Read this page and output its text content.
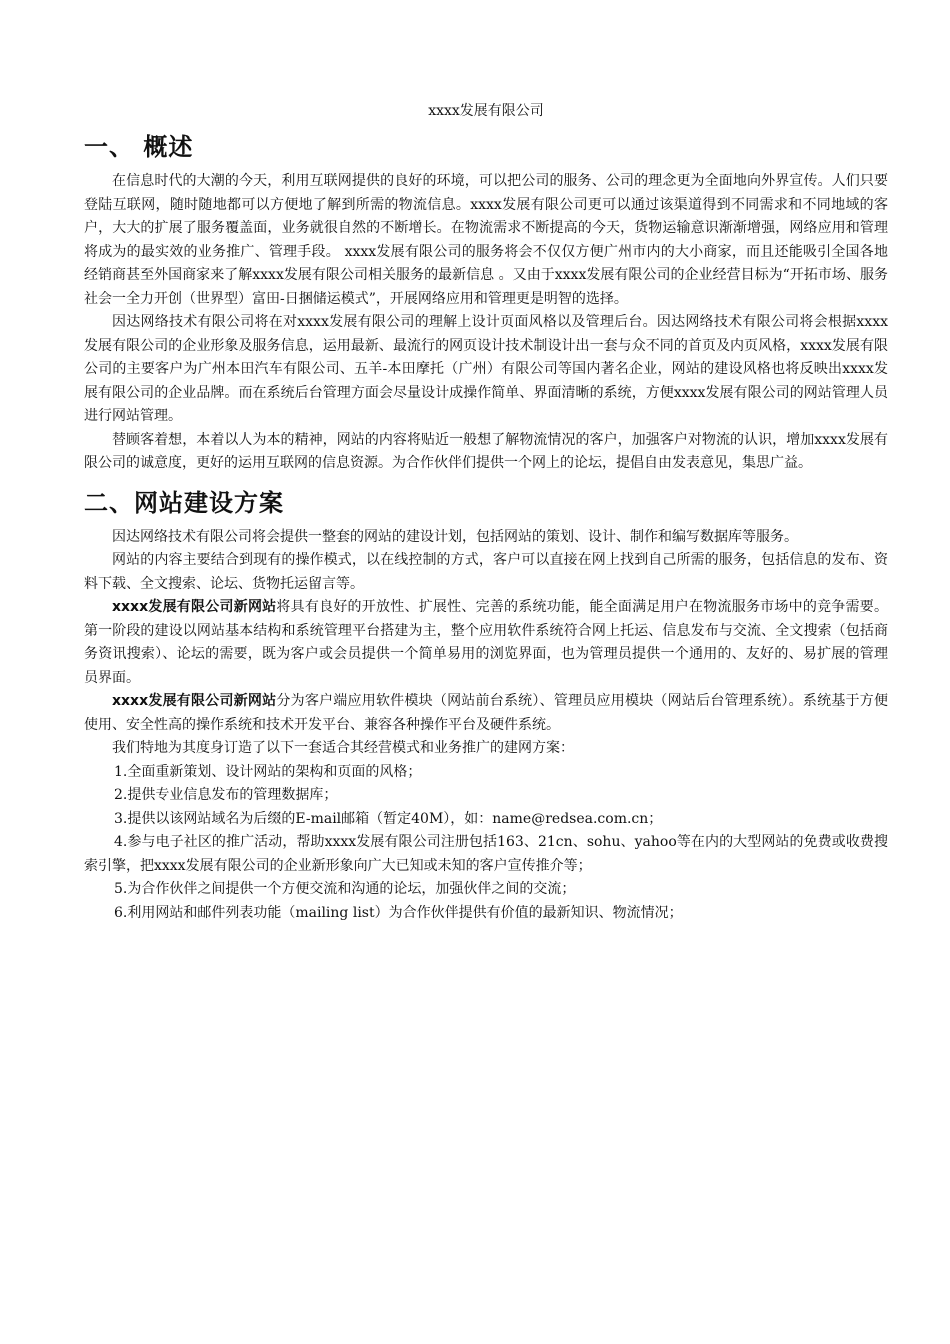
xxxx发展有限公司
一、 概述

在信息时代的大潮的今天，利用互联网提供的良好的环境，可以把公司的服务、公司的理念更为全面地向外界宣传。人们只要登陆互联网，随时随地都可以方便地了解到所需的物流信息。xxxx发展有限公司更可以通过该渠道得到不同需求和不同地域的客户，大大的扩展了服务覆盖面，业务就很自然的不断增长。在物流需求不断提高的今天，货物运输意识渐渐增强，网络应用和管理将成为的最实效的业务推广、管理手段。 xxxx发展有限公司的服务将会不仅仅方便广州市内的大小商家，而且还能吸引全国各地经销商甚至外国商家来了解xxxx发展有限公司相关服务的最新信息 。又由于xxxx发展有限公司的企业经营目标为“开拓市场、服务社会一全力开创（世界型）富田-日捆储运模式”，开展网络应用和管理更是明智的选择。

因达网络技术有限公司将在对xxxx发展有限公司的理解上设计页面风格以及管理后台。因达网络技术有限公司将会根据xxxx发展有限公司的企业形象及服务信息，运用最新、最流行的网页设计技术制设计出一套与众不同的首页及内页风格，xxxx发展有限公司的主要客户为广州本田汽车有限公司、五羊-本田摩托（广州）有限公司等国内著名企业，网站的建设风格也将反映出xxxx发展有限公司的企业品牌。而在系统后台管理方面会尽量设计成操作简单、界面清晰的系统，方便xxxx发展有限公司的网站管理人员进行网站管理。

替顾客着想，本着以人为本的精神，网站的内容将贴近一般想了解物流情况的客户，加强客户对物流的认识，增加xxxx发展有限公司的诚意度，更好的运用互联网的信息资源。为合作伙伴们提供一个网上的论坛，提倡自由发表意见，集思广益。

二、网站建设方案

因达网络技术有限公司将会提供一整套的网站的建设计划，包括网站的策划、设计、制作和编写数据库等服务。

网站的内容主要结合到现有的操作模式，以在线控制的方式，客户可以直接在网上找到自己所需的服务，包括信息的发布、资料下载、全文搜索、论坛、货物托运留言等。

xxxx发展有限公司新网站将具有良好的开放性、扩展性、完善的系统功能，能全面满足用户在物流服务市场中的竞争需要。第一阶段的建设以网站基本结构和系统管理平台搭建为主，整个应用软件系统符合网上托运、信息发布与交流、全文搜索（包括商务资讯搜索）、论坛的需要，既为客户或会员提供一个简单易用的浏览界面，也为管理员提供一个通用的、友好的、易扩展的管理员界面。

xxxx发展有限公司新网站分为客户端应用软件模块（网站前台系统）、管理员应用模块（网站后台管理系统）。系统基于方便使用、安全性高的操作系统和技术开发平台、兼容各种操作平台及硬件系统。

我们特地为其度身订造了以下一套适合其经营模式和业务推广的建网方案：

1.全面重新策划、设计网站的架构和页面的风格；

2.提供专业信息发布的管理数据库；

3.提供以该网站域名为后缀的E-mail邮箱（暂定40M），如：name@redsea.com.cn；

4.参与电子社区的推广活动，帮助xxxx发展有限公司注册包括163、21cn、sohu、yahoo等在内的大型网站的免费或收费搜索引擎，把xxxx发展有限公司的企业新形象向广大已知或未知的客户宣传推介等；

5.为合作伙伴之间提供一个方便交流和沟通的论坛，加强伙伴之间的交流；

6.利用网站和邮件列表功能（mailing list）为合作伙伴提供有价值的最新知识、物流情况；
